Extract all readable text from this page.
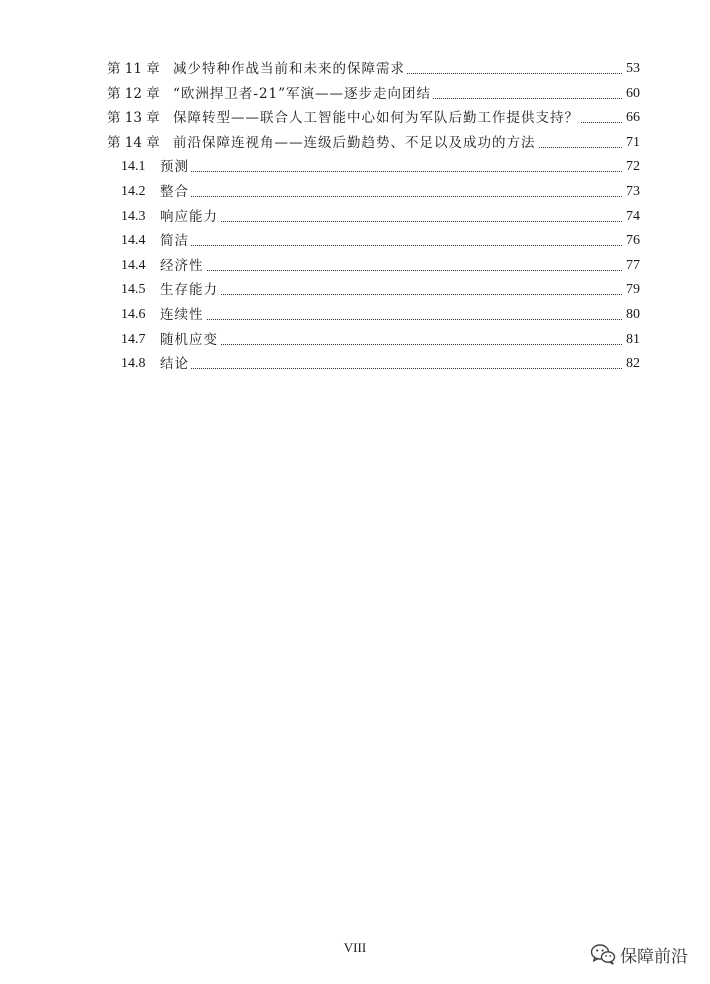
第 11 章 减少特种作战当前和未来的保障需求	53
第 12 章 “欧洲捍卫者-21”军演——逐步走向团结	60
第 13 章 保障转型——联合人工智能中心如何为军队后勤工作提供支持？	66
第 14 章 前沿保障连视角——连级后勤趋势、不足以及成功的方法	71
14.1 预测	72
14.2 整合	73
14.3 响应能力	74
14.4 简洁	76
14.4 经济性	77
14.5 生存能力	79
14.6 连续性	80
14.7 随机应变	81
14.8 结论	82
VIII	保障前沿
